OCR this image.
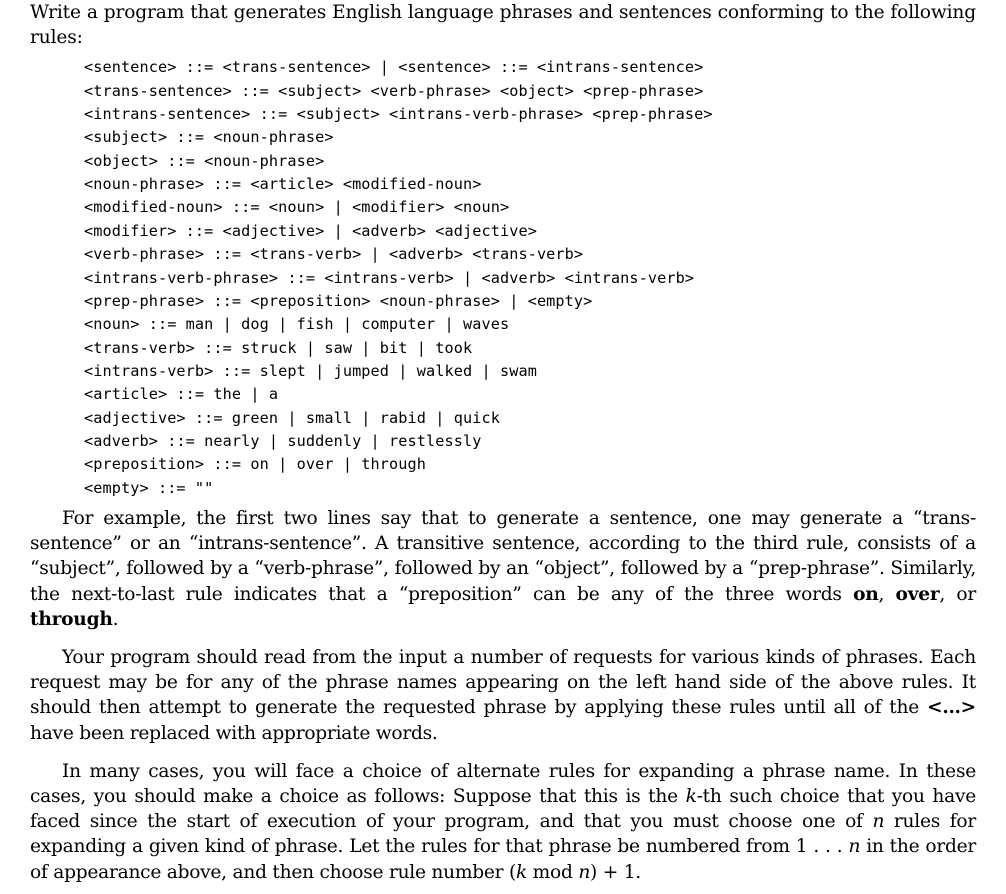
Write a program that generates English language phrases and sentences conforming to the following rules:

<sentence> ::= <trans-sentence> | <sentence> ::= <intrans-sentence>
<trans-sentence> ::= <subject> <verb-phrase> <object> <prep-phrase>
<intrans-sentence> ::= <subject> <intrans-verb-phrase> <prep-phrase>
<subject> ::= <noun-phrase>
<object> ::= <noun-phrase>
<noun-phrase> ::= <article> <modified-noun>
<modified-noun> ::= <noun> | <modifier> <noun>
<modifier> ::= <adjective> | <adverb> <adjective>
<verb-phrase> ::= <trans-verb> | <adverb> <trans-verb>
<intrans-verb-phrase> ::= <intrans-verb> | <adverb> <intrans-verb>
<prep-phrase> ::= <preposition> <noun-phrase> | <empty>
<noun> ::= man | dog | fish | computer | waves
<trans-verb> ::= struck | saw | bit | took
<intrans-verb> ::= slept | jumped | walked | swam
<article> ::= the | a
<adjective> ::= green | small | rabid | quick
<adverb> ::= nearly | suddenly | restlessly
<preposition> ::= on | over | through
<empty> ::= ""

For example, the first two lines say that to generate a sentence, one may generate a “trans-sentence” or an “intrans-sentence”. A transitive sentence, according to the third rule, consists of a “subject”, followed by a “verb-phrase”, followed by an “object”, followed by a “prep-phrase”. Similarly, the next-to-last rule indicates that a “preposition” can be any of the three words on, over, or through.

Your program should read from the input a number of requests for various kinds of phrases. Each request may be for any of the phrase names appearing on the left hand side of the above rules. It should then attempt to generate the requested phrase by applying these rules until all of the <…> have been replaced with appropriate words.

In many cases, you will face a choice of alternate rules for expanding a phrase name. In these cases, you should make a choice as follows: Suppose that this is the k-th such choice that you have faced since the start of execution of your program, and that you must choose one of n rules for expanding a given kind of phrase. Let the rules for that phrase be numbered from 1 . . . n in the order of appearance above, and then choose rule number (k mod n) + 1.
